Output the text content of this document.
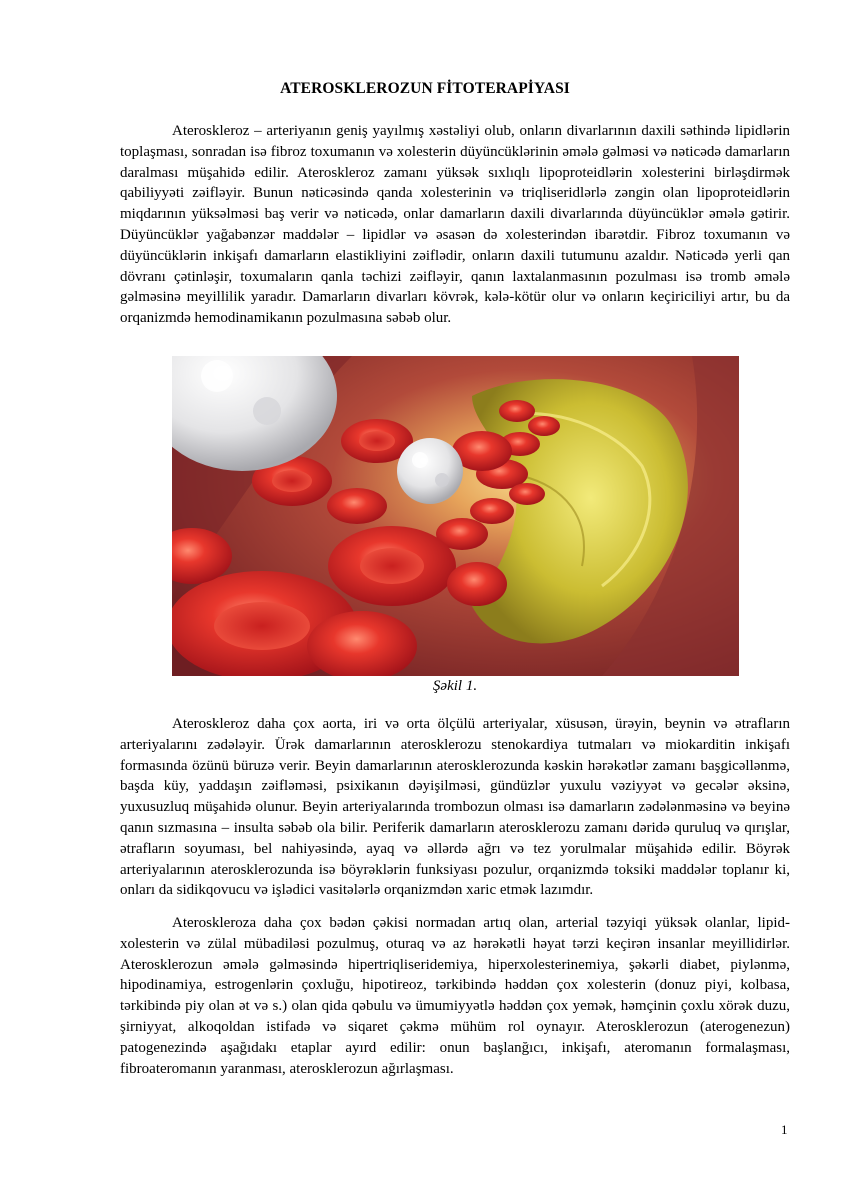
ATEROSKLEROZUN FİTOTERAPİYASI

Ateroskleroz – arteriyanın geniş yayılmış xəstəliyi olub, onların divarlarının daxili səthində lipidlərin toplaşması, sonradan isə fibroz toxumanın və xolesterin düyüncüklərinin əmələ gəlməsi və nəticədə damarların daralması müşahidə edilir. Ateroskleroz zamanı yüksək sıxlıqlı lipoproteidlərin xolesterini birləşdirmək qabiliyyəti zəifləyir. Bunun nəticəsində qanda xolesterinin və triqliseridlərlə zəngin olan lipoproteidlərin miqdarının yüksəlməsi baş verir və nəticədə, onlar damarların daxili divarlarında düyüncüklər əmələ gətirir. Düyüncüklər yağabənzər maddələr – lipidlər və əsasən də xolesterindən ibarətdir. Fibroz toxumanın və düyüncüklərin inkişafı damarların elastikliyini zəiflədir, onların daxili tutumunu azaldır. Nəticədə yerli qan dövranı çətinləşir, toxumaların qanla təchizi zəifləyir, qanın laxtalanmasının pozulması isə tromb əmələ gəlməsinə meyillilik yaradır. Damarların divarları kövrək, kələ-kötür olur və onların keçiriciliyi artır, bu da orqanizmdə hemodinamikanın pozulmasına səbəb olur.

Şəkil 1.

Ateroskleroz daha çox aorta, iri və orta ölçülü arteriyalar, xüsusən, ürəyin, beynin və ətrafların arteriyalarını zədələyir. Ürək damarlarının aterosklerozu stenokardiya tutmaları və miokarditin inkişafı formasında özünü büruzə verir. Beyin damarlarının aterosklerozunda kəskin hərəkətlər zamanı başgicəllənmə, başda küy, yaddaşın zəifləməsi, psixikanın dəyişilməsi, gündüzlər yuxulu vəziyyət və gecələr əksinə, yuxusuzluq müşahidə olunur. Beyin arteriyalarında trombozun olması isə damarların zədələnməsinə və beyinə qanın sızmasına – insulta səbəb ola bilir. Periferik damarların aterosklerozu zamanı dəridə quruluq və qırışlar, ətrafların soyuması, bel nahiyəsində, ayaq və əllərdə ağrı və tez yorulmalar müşahidə edilir. Böyrək arteriyalarının aterosklerozunda isə böyrəklərin funksiyası pozulur, orqanizmdə toksiki maddələr toplanır ki, onları da sidikqovucu və işlədici vasitələrlə orqanizmdən xaric etmək lazımdır.

Ateroskleroza daha çox bədən çəkisi normadan artıq olan, arterial təzyiqi yüksək olanlar, lipid-xolesterin və zülal mübadiləsi pozulmuş, oturaq və az hərəkətli həyat tərzi keçirən insanlar meyillidirlər. Aterosklerozun əmələ gəlməsində hipertriqliseridemiya, hiperxolesterinemiya, şəkərli diabet, piylənmə, hipodinamiya, estrogenlərin çoxluğu, hipotireoz, tərkibində həddən çox xolesterin (donuz piyi, kolbasa, tərkibində piy olan ət və s.) olan qida qəbulu və ümumiyyətlə həddən çox yemək, həmçinin çoxlu xörək duzu, şirniyyat, alkoqoldan istifadə və siqaret çəkmə mühüm rol oynayır. Aterosklerozun (aterogenezun) patogenezində aşağıdakı etaplar ayırd edilir: onun başlanğıcı, inkişafı, ateromanın formalaşması, fibroateromanın yaranması, aterosklerozun ağırlaşması.

1
